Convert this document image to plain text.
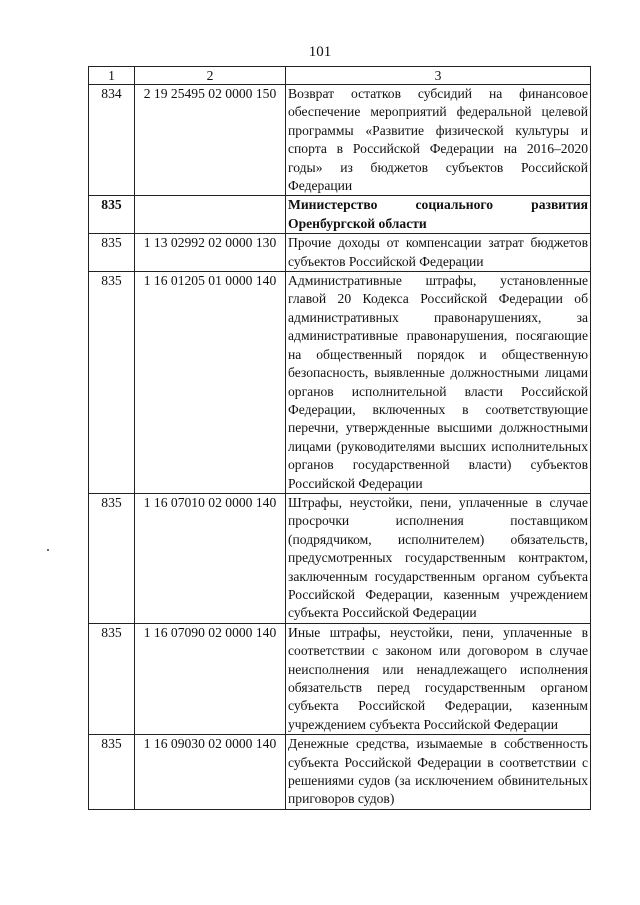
101
1	2	3
834	2 19 25495 02 0000 150	Возврат остатков субсидий на финансовое обеспечение мероприятий федеральной целевой программы «Развитие физической культуры и спорта в Российской Федерации на 2016–2020 годы» из бюджетов субъектов Российской Федерации
835		Министерство социального развития Оренбургской области
835	1 13 02992 02 0000 130	Прочие доходы от компенсации затрат бюджетов субъектов Российской Федерации
835	1 16 01205 01 0000 140	Административные штрафы, установленные главой 20 Кодекса Российской Федерации об административных правонарушениях, за административные правонарушения, посягающие на общественный порядок и общественную безопасность, выявленные должностными лицами органов исполнительной власти Российской Федерации, включенных в соответствующие перечни, утвержденные высшими должностными лицами (руководителями высших исполнительных органов государственной власти) субъектов Российской Федерации
835	1 16 07010 02 0000 140	Штрафы, неустойки, пени, уплаченные в случае просрочки исполнения поставщиком (подрядчиком, исполнителем) обязательств, предусмотренных государственным контрактом, заключенным государственным органом субъекта Российской Федерации, казенным учреждением субъекта Российской Федерации
835	1 16 07090 02 0000 140	Иные штрафы, неустойки, пени, уплаченные в соответствии с законом или договором в случае неисполнения или ненадлежащего исполнения обязательств перед государственным органом субъекта Российской Федерации, казенным учреждением субъекта Российской Федерации
835	1 16 09030 02 0000 140	Денежные средства, изымаемые в собственность субъекта Российской Федерации в соответствии с решениями судов (за исключением обвинительных приговоров судов)
